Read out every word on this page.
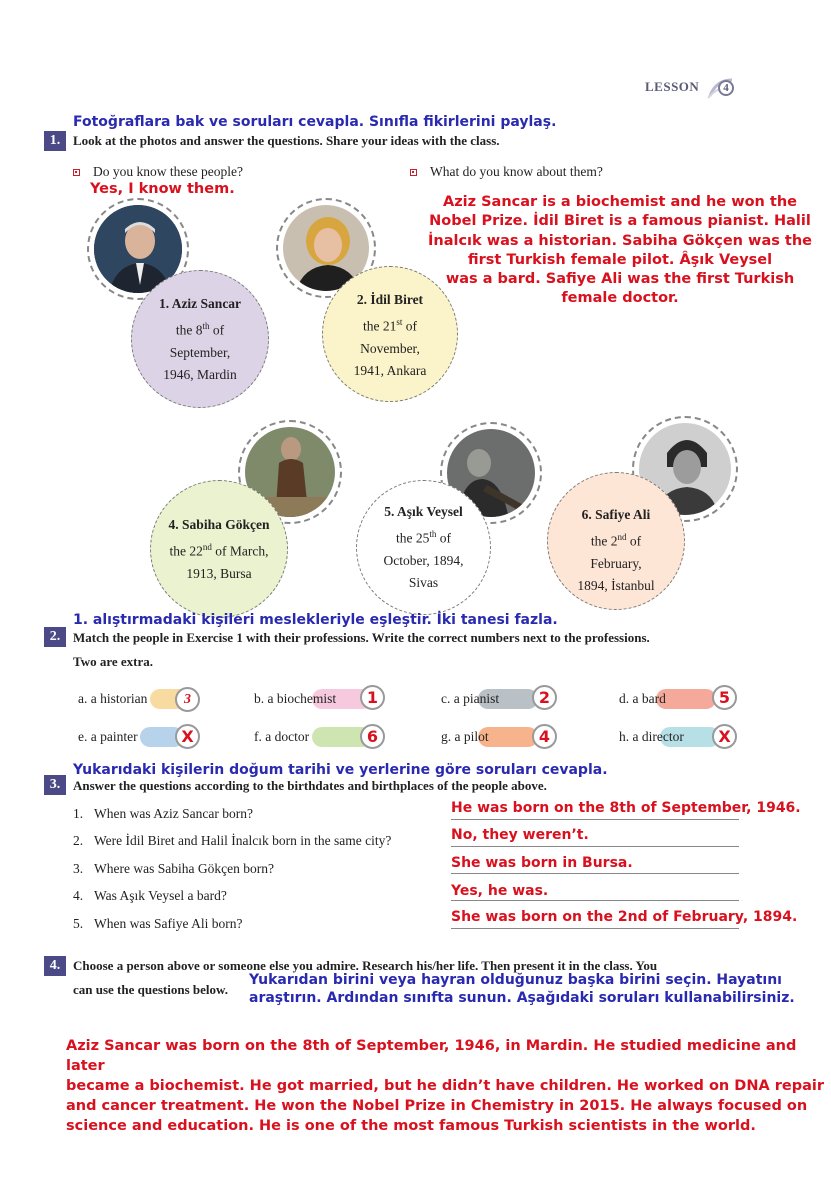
LESSON	4
Fotoğraflara bak ve soruları cevapla. Sınıfla fikirlerini paylaş.
1. Look at the photos and answer the questions. Share your ideas with the class.
Do you know these people?
Yes, I know them.
What do you know about them?
Aziz Sancar is a biochemist and he won the
Nobel Prize. İdil Biret is a famous pianist. Halil
İnalcık was a historian. Sabiha Gökçen was the
first Turkish female pilot. Âşık Veysel
was a bard. Safiye Ali was the first Turkish
female doctor.
1. Aziz Sancar
the 8th of
September,
1946, Mardin
2. İdil Biret
the 21st of
November,
1941, Ankara
4. Sabiha Gökçen
the 22nd of March,
1913, Bursa
5. Aşık Veysel
the 25th of
October, 1894,
Sivas
6. Safiye Ali
the 2nd of
February,
1894, İstanbul
1. alıştırmadaki kişileri meslekleriyle eşleştir. İki tanesi fazla.
2. Match the people in Exercise 1 with their professions. Write the correct numbers next to the professions.
Two are extra.
a. a historian	3	b. a biochemist	1	c. a pianist	2	d. a bard	5
e. a painter	X	f. a doctor	6	g. a pilot	4	h. a director	X
Yukarıdaki kişilerin doğum tarihi ve yerlerine göre soruları cevapla.
3. Answer the questions according to the birthdates and birthplaces of the people above.
1. When was Aziz Sancar born?	He was born on the 8th of September, 1946.
2. Were İdil Biret and Halil İnalcık born in the same city?	No, they weren’t.
3. Where was Sabiha Gökçen born?	She was born in Bursa.
4. Was Aşık Veysel a bard?	Yes, he was.
5. When was Safiye Ali born?	She was born on the 2nd of February, 1894.
4. Choose a person above or someone else you admire. Research his/her life. Then present it in the class. You
can use the questions below.
Yukarıdan birini veya hayran olduğunuz başka birini seçin. Hayatını
araştırın. Ardından sınıfta sunun. Aşağıdaki soruları kullanabilirsiniz.
Aziz Sancar was born on the 8th of September, 1946, in Mardin. He studied medicine and later
became a biochemist. He got married, but he didn’t have children. He worked on DNA repair
and cancer treatment. He won the Nobel Prize in Chemistry in 2015. He always focused on
science and education. He is one of the most famous Turkish scientists in the world.
